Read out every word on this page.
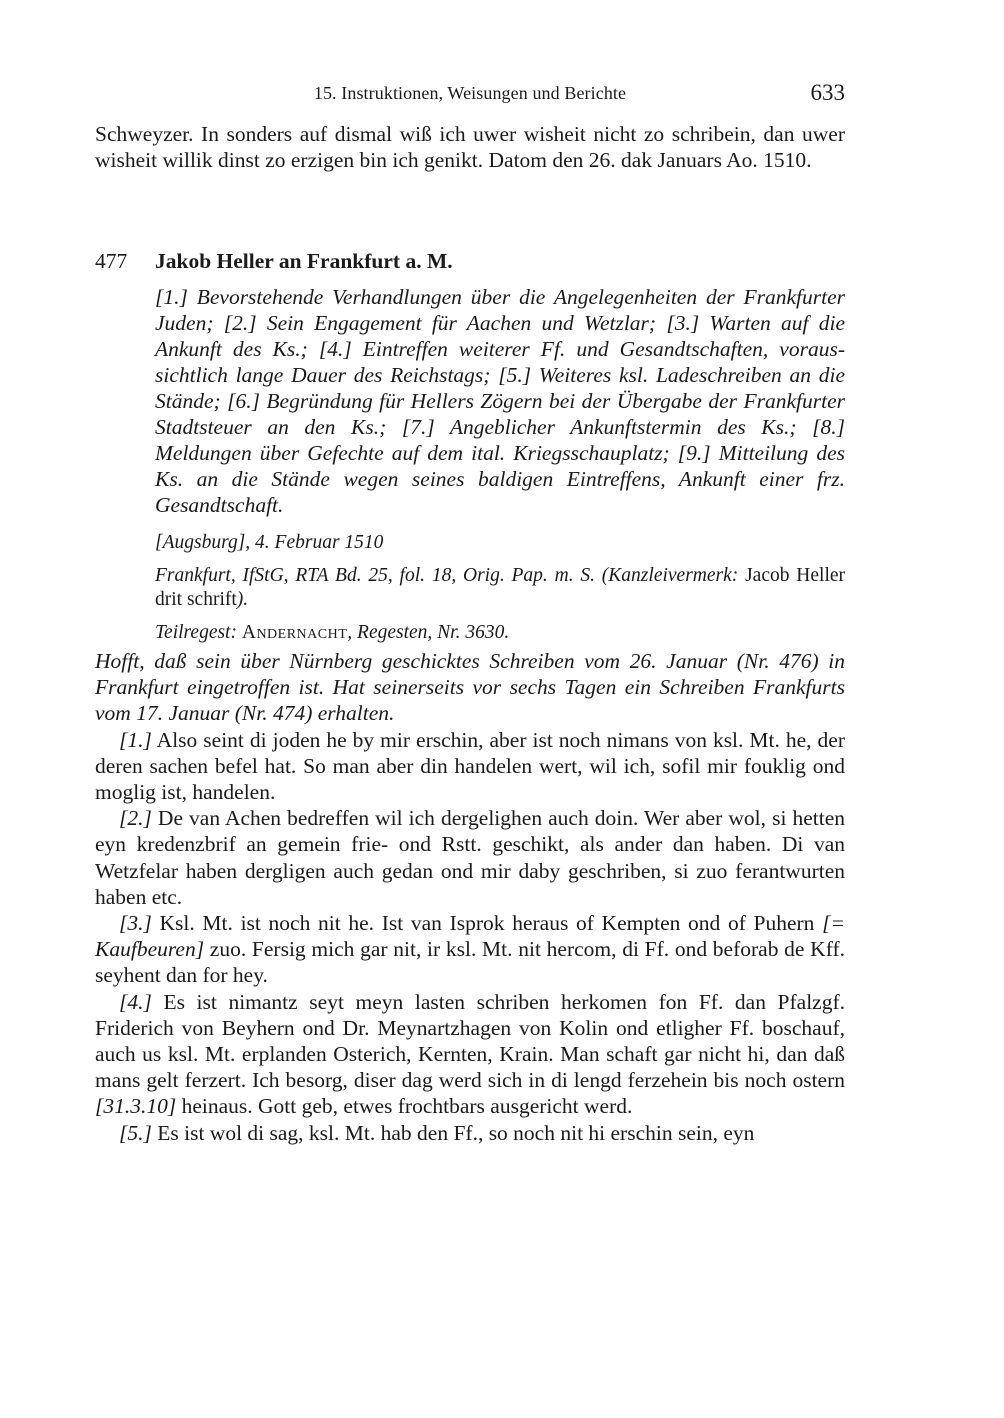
15. Instruktionen, Weisungen und Berichte	633

Schweyzer. In sonders auf dismal wiß ich uwer wisheit nicht zo schribein, dan uwer wisheit willik dinst zo erzigen bin ich genikt. Datom den 26. dak Januars Ao. 1510.

477 Jakob Heller an Frankfurt a. M.

[1.] Bevorstehende Verhandlungen über die Angelegenheiten der Frankfurter Juden; [2.] Sein Engagement für Aachen und Wetzlar; [3.] Warten auf die Ankunft des Ks.; [4.] Eintreffen weiterer Ff. und Gesandtschaften, voraussichtlich lange Dauer des Reichstags; [5.] Weiteres ksl. Ladeschreiben an die Stände; [6.] Begründung für Hellers Zögern bei der Übergabe der Frankfurter Stadtsteuer an den Ks.; [7.] Angeblicher Ankunftstermin des Ks.; [8.] Meldungen über Gefechte auf dem ital. Kriegsschauplatz; [9.] Mitteilung des Ks. an die Stände wegen seines baldigen Eintreffens, Ankunft einer frz. Gesandtschaft.

[Augsburg], 4. Februar 1510

Frankfurt, IfStG, RTA Bd. 25, fol. 18, Orig. Pap. m. S. (Kanzleivermerk: Jacob Heller drit schrift).

Teilregest: Andernacht, Regesten, Nr. 3630.

Hofft, daß sein über Nürnberg geschicktes Schreiben vom 26. Januar (Nr. 476) in Frankfurt eingetroffen ist. Hat seinerseits vor sechs Tagen ein Schreiben Frankfurts vom 17. Januar (Nr. 474) erhalten.

[1.] Also seint di joden he by mir erschin, aber ist noch nimans von ksl. Mt. he, der deren sachen befel hat. So man aber din handelen wert, wil ich, sofil mir fouklig ond moglig ist, handelen.

[2.] De van Achen bedreffen wil ich dergelighen auch doin. Wer aber wol, si hetten eyn kredenzbrif an gemein frie- ond Rstt. geschikt, als ander dan haben. Di van Wetzfelar haben dergligen auch gedan ond mir daby geschriben, si zuo ferantwurten haben etc.

[3.] Ksl. Mt. ist noch nit he. Ist van Isprok heraus of Kempten ond of Puhern [= Kaufbeuren] zuo. Fersig mich gar nit, ir ksl. Mt. nit hercom, di Ff. ond beforab de Kff. seyhent dan for hey.

[4.] Es ist nimantz seyt meyn lasten schriben herkomen fon Ff. dan Pfalzgf. Friderich von Beyhern ond Dr. Meynartzhagen von Kolin ond etligher Ff. boschauf, auch us ksl. Mt. erplanden Osterich, Kernten, Krain. Man schaft gar nicht hi, dan daß mans gelt ferzert. Ich besorg, diser dag werd sich in di lengd ferzehein bis noch ostern [31.3.10] heinaus. Gott geb, etwes frochtbars ausgericht werd.

[5.] Es ist wol di sag, ksl. Mt. hab den Ff., so noch nit hi erschin sein, eyn
